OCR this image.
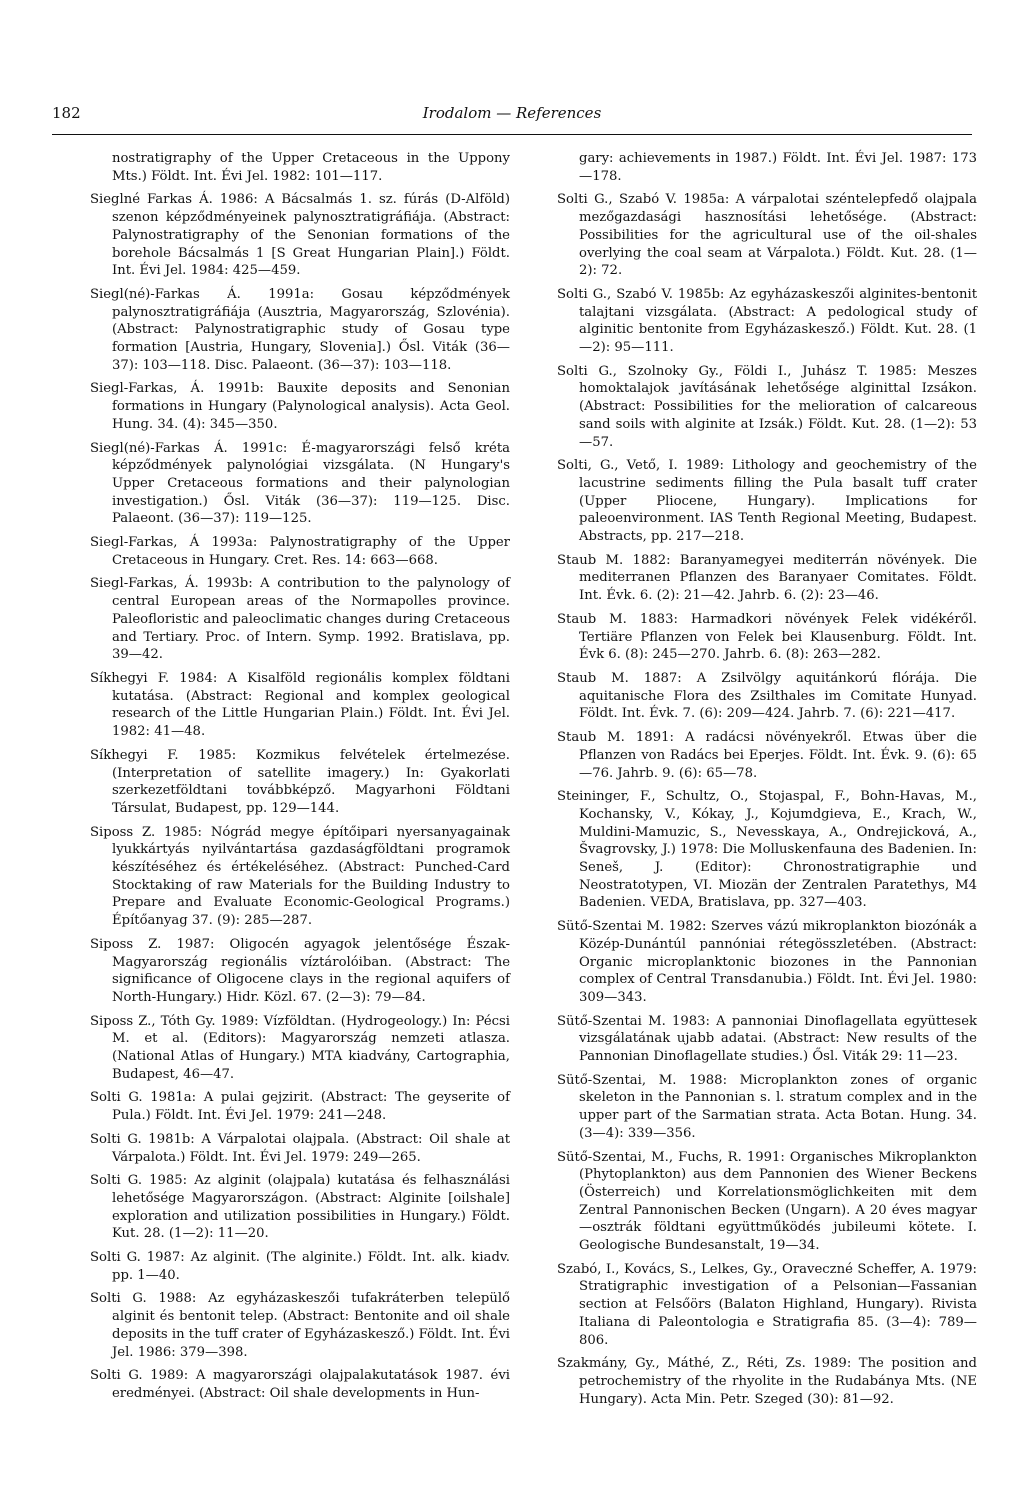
182	Irodalom — References

nostratigraphy of the Upper Cretaceous in the Uppony Mts.) Földt. Int. Évi Jel. 1982: 101—117.

Sieglné Farkas Á. 1986: A Bácsalmás 1. sz. fúrás (D-Alföld) szenon képződményeinek palynosztratigráfiája. (Abstract: Palynostratigraphy of the Senonian formations of the borehole Bácsalmás 1 [S Great Hungarian Plain].) Földt. Int. Évi Jel. 1984: 425—459.

Siegl(né)-Farkas Á. 1991a: Gosau képződmények palynosztratigráfiája (Ausztria, Magyarország, Szlovénia). (Abstract: Palynostratigraphic study of Gosau type formation [Austria, Hungary, Slovenia].) Ősl. Viták (36—37): 103—118. Disc. Palaeont. (36—37): 103—118.

Siegl-Farkas, Á. 1991b: Bauxite deposits and Senonian formations in Hungary (Palynological analysis). Acta Geol. Hung. 34. (4): 345—350.

Siegl(né)-Farkas Á. 1991c: É-magyarországi felső kréta képződmények palynológiai vizsgálata. (N Hungary's Upper Cretaceous formations and their palynologian investigation.) Ősl. Viták (36—37): 119—125. Disc. Palaeont. (36—37): 119—125.

Siegl-Farkas, Á 1993a: Palynostratigraphy of the Upper Cretaceous in Hungary. Cret. Res. 14: 663—668.

Siegl-Farkas, Á. 1993b: A contribution to the palynology of central European areas of the Normapolles province. Paleofloristic and paleoclimatic changes during Cretaceous and Tertiary. Proc. of Intern. Symp. 1992. Bratislava, pp. 39—42.

Síkhegyi F. 1984: A Kisalföld regionális komplex földtani kutatása. (Abstract: Regional and komplex geological research of the Little Hungarian Plain.) Földt. Int. Évi Jel. 1982: 41—48.

Síkhegyi F. 1985: Kozmikus felvételek értelmezése. (Interpretation of satellite imagery.) In: Gyakorlati szerkezetföldtani továbbképző. Magyarhoni Földtani Társulat, Budapest, pp. 129—144.

Siposs Z. 1985: Nógrád megye építőipari nyersanyagainak lyukkártyás nyilvántartása gazdaságföldtani programok készítéséhez és értékeléséhez. (Abstract: Punched-Card Stocktaking of raw Materials for the Building Industry to Prepare and Evaluate Economic-Geological Programs.) Építőanyag 37. (9): 285—287.

Siposs Z. 1987: Oligocén agyagok jelentősége Észak-Magyarország regionális víztárolóiban. (Abstract: The significance of Oligocene clays in the regional aquifers of North-Hungary.) Hidr. Közl. 67. (2—3): 79—84.

Siposs Z., Tóth Gy. 1989: Vízföldtan. (Hydrogeology.) In: Pécsi M. et al. (Editors): Magyarország nemzeti atlasza. (National Atlas of Hungary.) MTA kiadvány, Cartographia, Budapest, 46—47.

Solti G. 1981a: A pulai gejzirit. (Abstract: The geyserite of Pula.) Földt. Int. Évi Jel. 1979: 241—248.

Solti G. 1981b: A Várpalotai olajpala. (Abstract: Oil shale at Várpalota.) Földt. Int. Évi Jel. 1979: 249—265.

Solti G. 1985: Az alginit (olajpala) kutatása és felhasználási lehetősége Magyarországon. (Abstract: Alginite [oilshale] exploration and utilization possibilities in Hungary.) Földt. Kut. 28. (1—2): 11—20.

Solti G. 1987: Az alginit. (The alginite.) Földt. Int. alk. kiadv. pp. 1—40.

Solti G. 1988: Az egyházaskeszői tufakráterben települő alginit és bentonit telep. (Abstract: Bentonite and oil shale deposits in the tuff crater of Egyházaskesző.) Földt. Int. Évi Jel. 1986: 379—398.

Solti G. 1989: A magyarországi olajpalakutatások 1987. évi eredményei. (Abstract: Oil shale developments in Hun-

gary: achievements in 1987.) Földt. Int. Évi Jel. 1987: 173—178.

Solti G., Szabó V. 1985a: A várpalotai széntelepfedő olajpala mezőgazdasági hasznosítási lehetősége. (Abstract: Possibilities for the agricultural use of the oil-shales overlying the coal seam at Várpalota.) Földt. Kut. 28. (1—2): 72.

Solti G., Szabó V. 1985b: Az egyházaskeszői alginites-bentonit talajtani vizsgálata. (Abstract: A pedological study of alginitic bentonite from Egyházaskesző.) Földt. Kut. 28. (1—2): 95—111.

Solti G., Szolnoky Gy., Földi I., Juhász T. 1985: Meszes homoktalajok javításának lehetősége alginittal Izsákon. (Abstract: Possibilities for the melioration of calcareous sand soils with alginite at Izsák.) Földt. Kut. 28. (1—2): 53—57.

Solti, G., Vető, I. 1989: Lithology and geochemistry of the lacustrine sediments filling the Pula basalt tuff crater (Upper Pliocene, Hungary). Implications for paleoenvironment. IAS Tenth Regional Meeting, Budapest. Abstracts, pp. 217—218.

Staub M. 1882: Baranyamegyei mediterrán növények. Die mediterranen Pflanzen des Baranyaer Comitates. Földt. Int. Évk. 6. (2): 21—42. Jahrb. 6. (2): 23—46.

Staub M. 1883: Harmadkori növények Felek vidékéről. Tertiäre Pflanzen von Felek bei Klausenburg. Földt. Int. Évk 6. (8): 245—270. Jahrb. 6. (8): 263—282.

Staub M. 1887: A Zsilvölgy aquitánkorú flórája. Die aquitanische Flora des Zsilthales im Comitate Hunyad. Földt. Int. Évk. 7. (6): 209—424. Jahrb. 7. (6): 221—417.

Staub M. 1891: A radácsi növényekről. Etwas über die Pflanzen von Radács bei Eperjes. Földt. Int. Évk. 9. (6): 65—76. Jahrb. 9. (6): 65—78.

Steininger, F., Schultz, O., Stojaspal, F., Bohn-Havas, M., Kochansky, V., Kókay, J., Kojumdgieva, E., Krach, W., Muldini-Mamuzic, S., Nevesskaya, A., Ondrejicková, A., Švagrovsky, J.) 1978: Die Molluskenfauna des Badenien. In: Seneš, J. (Editor): Chronostratigraphie und Neostratotypen, VI. Miozän der Zentralen Paratethys, M4 Badenien. VEDA, Bratislava, pp. 327—403.

Sütő-Szentai M. 1982: Szerves vázú mikroplankton biozónák a Közép-Dunántúl pannóniai rétegösszletében. (Abstract: Organic microplanktonic biozones in the Pannonian complex of Central Transdanubia.) Földt. Int. Évi Jel. 1980: 309—343.

Sütő-Szentai M. 1983: A pannoniai Dinoflagellata együttesek vizsgálatának ujabb adatai. (Abstract: New results of the Pannonian Dinoflagellate studies.) Ősl. Viták 29: 11—23.

Sütő-Szentai, M. 1988: Microplankton zones of organic skeleton in the Pannonian s. l. stratum complex and in the upper part of the Sarmatian strata. Acta Botan. Hung. 34. (3—4): 339—356.

Sütő-Szentai, M., Fuchs, R. 1991: Organisches Mikroplankton (Phytoplankton) aus dem Pannonien des Wiener Beckens (Österreich) und Korrelationsmöglichkeiten mit dem Zentral Pannonischen Becken (Ungarn). A 20 éves magyar—osztrák földtani együttműködés jubileumi kötete. I. Geologische Bundesanstalt, 19—34.

Szabó, I., Kovács, S., Lelkes, Gy., Oraveczné Scheffer, A. 1979: Stratigraphic investigation of a Pelsonian—Fassanian section at Felsőörs (Balaton Highland, Hungary). Rivista Italiana di Paleontologia e Stratigrafia 85. (3—4): 789—806.

Szakmány, Gy., Máthé, Z., Réti, Zs. 1989: The position and petrochemistry of the rhyolite in the Rudabánya Mts. (NE Hungary). Acta Min. Petr. Szeged (30): 81—92.
